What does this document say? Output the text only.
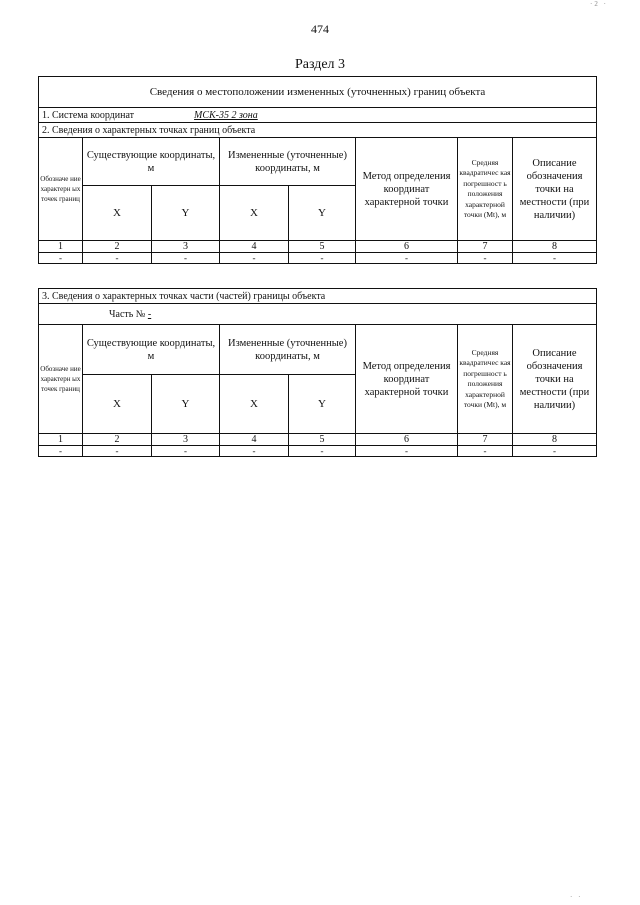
·2 ·
474
Раздел 3
Сведения о местоположении измененных (уточненных) границ объекта							
1. Система координат МСК-35 2 зона							
2. Сведения о характерных точках границ объекта							
Обозначе ние характерн ых точек границ	Существующие координаты, м		Измененные (уточненные) координаты, м		Метод определения координат характерной точки	Средняя квадратичес кая погрешност ь положения характерной точки (Mt), м	Описание обозначения точки на местности (при наличии)
	X	Y	X	Y			
1	2	3	4	5	6	7	8
-	-	-	-	-	-	-	-
3. Сведения о характерных точках части (частей) границы объекта							
Часть № -							
Обозначе ние характерн ых точек границ	Существующие координаты, м		Измененные (уточненные) координаты, м		Метод определения координат характерной точки	Средняя квадратичес кая погрешност ь положения характерной точки (Mt), м	Описание обозначения точки на местности (при наличии)
	X	Y	X	Y			
1	2	3	4	5	6	7	8
-	-	-	-	-	-	-	-
· ·
